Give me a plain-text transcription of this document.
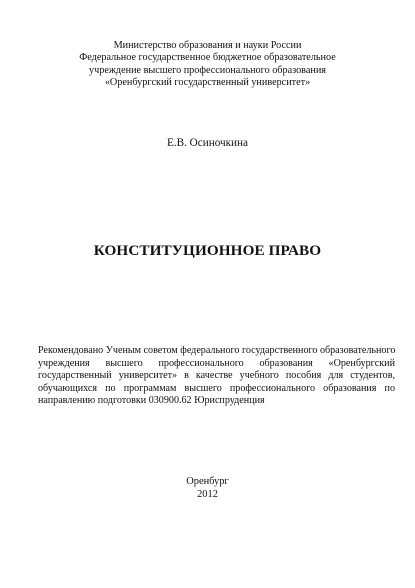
Министерство образования и науки России
Федеральное государственное бюджетное образовательное
учреждение высшего профессионального образования
«Оренбургский государственный университет»
Е.В. Осиночкина
КОНСТИТУЦИОННОЕ ПРАВО
Рекомендовано Ученым советом федерального государственного образовательного
учреждения высшего профессионального образования «Оренбургский
государственный университет» в качестве учебного пособия для студентов,
обучающихся по программам высшего профессионального образования по
направлению подготовки 030900.62 Юриспруденция
Оренбург
2012
